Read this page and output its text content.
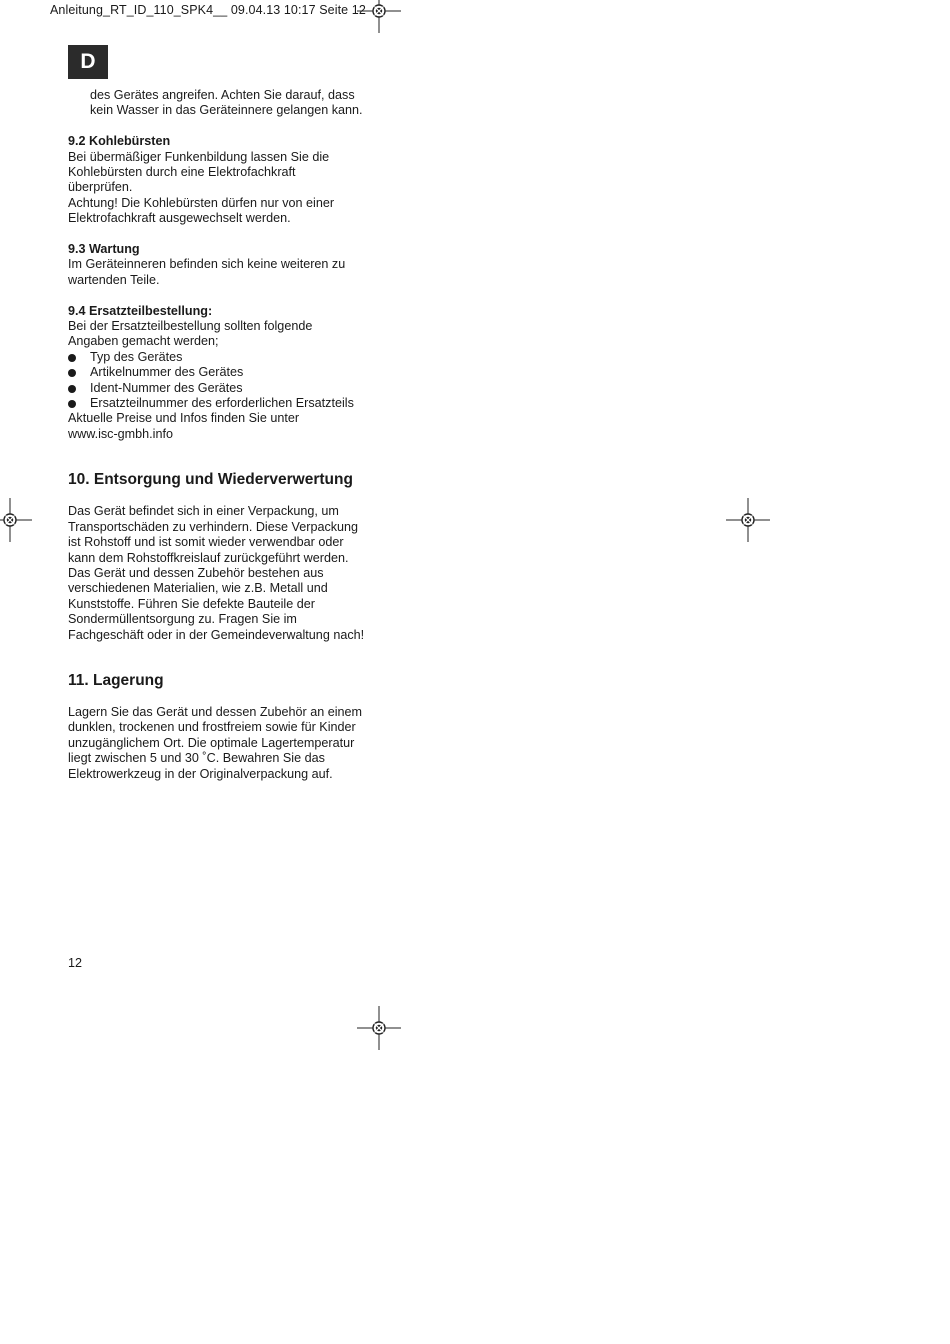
Anleitung_RT_ID_110_SPK4__ 09.04.13 10:17 Seite 12
D
des Gerätes angreifen. Achten Sie darauf, dass
kein Wasser in das Geräteinnere gelangen kann.
9.2 Kohlebürsten
Bei übermäßiger Funkenbildung lassen Sie die
Kohlebürsten durch eine Elektrofachkraft
überprüfen.
Achtung! Die Kohlebürsten dürfen nur von einer
Elektrofachkraft ausgewechselt werden.
9.3 Wartung
Im Geräteinneren befinden sich keine weiteren zu
wartenden Teile.
9.4 Ersatzteilbestellung:
Bei der Ersatzteilbestellung sollten folgende
Angaben gemacht werden;
Typ des Gerätes
Artikelnummer des Gerätes
Ident-Nummer des Gerätes
Ersatzteilnummer des erforderlichen Ersatzteils
Aktuelle Preise und Infos finden Sie unter
www.isc-gmbh.info
10. Entsorgung und Wiederverwertung
Das Gerät befindet sich in einer Verpackung, um
Transportschäden zu verhindern. Diese Verpackung
ist Rohstoff und ist somit wieder verwendbar oder
kann dem Rohstoffkreislauf zurückgeführt werden.
Das Gerät und dessen Zubehör bestehen aus
verschiedenen Materialien, wie z.B. Metall und
Kunststoffe. Führen Sie defekte Bauteile der
Sondermüllentsorgung zu. Fragen Sie im
Fachgeschäft oder in der Gemeindeverwaltung nach!
11. Lagerung
Lagern Sie das Gerät und dessen Zubehör an einem
dunklen, trockenen und frostfreiem sowie für Kinder
unzugänglichem Ort. Die optimale Lagertemperatur
liegt zwischen 5 und 30 ˚C. Bewahren Sie das
Elektrowerkzeug in der Originalverpackung auf.
12
